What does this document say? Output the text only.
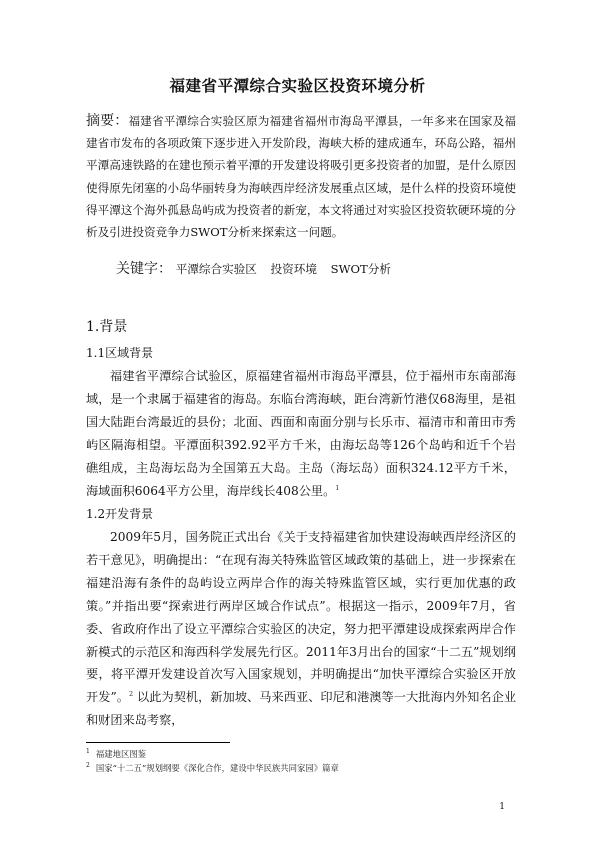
福建省平潭综合实验区投资环境分析
摘要：福建省平潭综合实验区原为福建省福州市海岛平潭县，一年多来在国家及福建省市发布的各项政策下逐步进入开发阶段，海峡大桥的建成通车，环岛公路，福州平潭高速铁路的在建也预示着平潭的开发建设将吸引更多投资者的加盟，是什么原因使得原先闭塞的小岛华丽转身为海峡西岸经济发展重点区域，是什么样的投资环境使得平潭这个海外孤悬岛屿成为投资者的新宠，本文将通过对实验区投资软硬环境的分析及引进投资竞争力SWOT分析来探索这一问题。
关键字： 平潭综合实验区 投资环境 SWOT分析
1.背景
1.1区域背景
福建省平潭综合试验区，原福建省福州市海岛平潭县，位于福州市东南部海域，是一个隶属于福建省的海岛。东临台湾海峡，距台湾新竹港仅68海里，是祖国大陆距台湾最近的县份；北面、西面和南面分别与长乐市、福清市和莆田市秀屿区隔海相望。平潭面积392.92平方千米，由海坛岛等126个岛屿和近千个岩礁组成，主岛海坛岛为全国第五大岛。主岛（海坛岛）面积324.12平方千米，海域面积6064平方公里，海岸线长408公里。$^1$
1.2开发背景
2009年5月，国务院正式出台《关于支持福建省加快建设海峡西岸经济区的若干意见》，明确提出：“在现有海关特殊监管区域政策的基础上，进一步探索在福建沿海有条件的岛屿设立两岸合作的海关特殊监管区域，实行更加优惠的政策。”并指出要“探索进行两岸区域合作试点”。根据这一指示，2009年7月，省委、省政府作出了设立平潭综合实验区的决定，努力把平潭建设成探索两岸合作新模式的示范区和海西科学发展先行区。2011年3月出台的国家“十二五”规划纲要，将平潭开发建设首次写入国家规划，并明确提出“加快平潭综合实验区开放开发”。$^2$ 以此为契机，新加坡、马来西亚、印尼和港澳等一大批海内外知名企业和财团来岛考察，
$^1$ 福建地区图鉴
$^2$ 国家“十二五”规划纲要《深化合作，建设中华民族共同家园》篇章
1
